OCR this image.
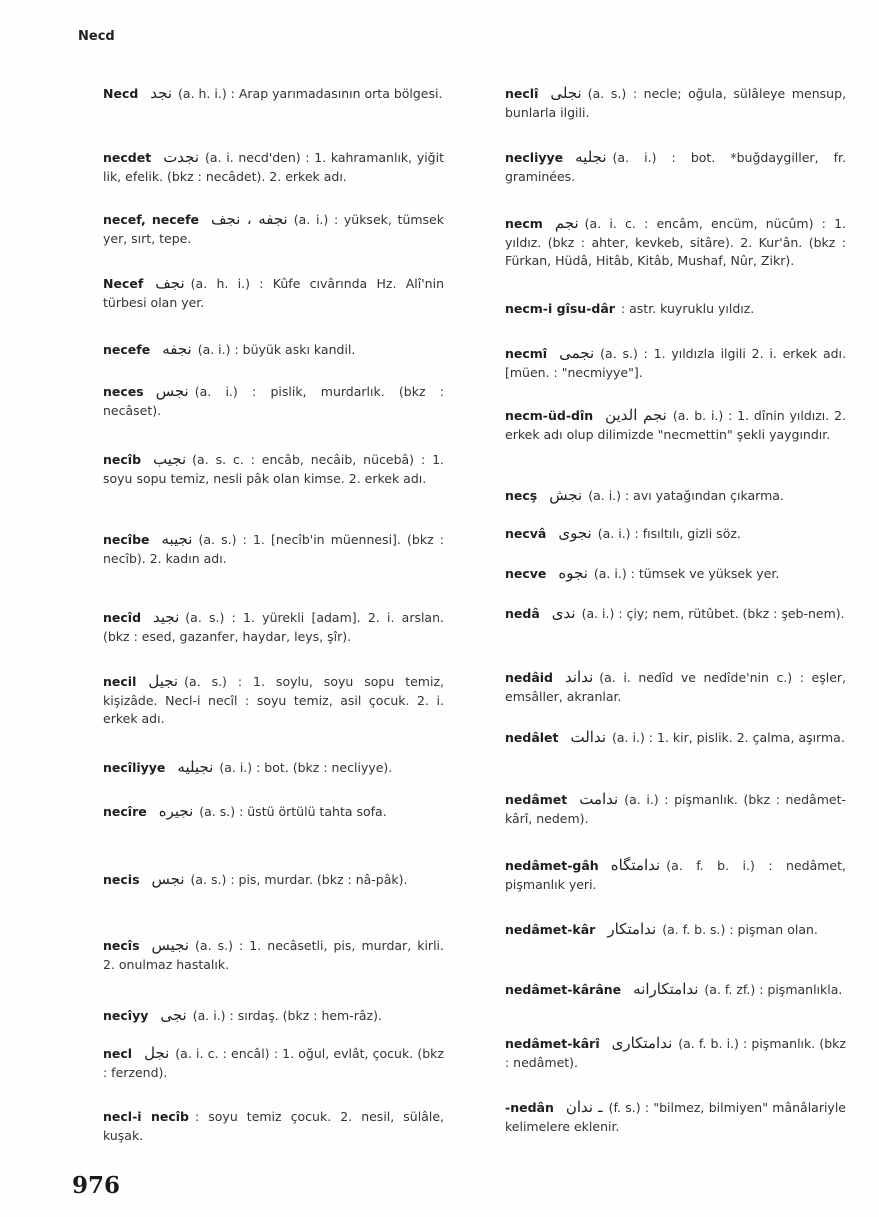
Necd
Necd نجد (a. h. i.) : Arap yarımadasının orta bölgesi.
necdet نجدت (a. i. necd'den) : 1. kahramanlık, yiğit lik, efelik. (bkz : necâdet). 2. erkek adı.
necef, necefe نجفه ، نجف (a. i.) : yüksek, tümsek yer, sırt, tepe.
Necef نجف (a. h. i.) : Kûfe cıvârında Hz. Alî'nin türbesi olan yer.
necefe نجفه (a. i.) : büyük askı kandil.
neces نجس (a. i.) : pislik, murdarlık. (bkz : necâset).
necîb نجيب (a. s. c. : encâb, necâib, nücebâ) : 1. soyu sopu temiz, nesli pâk olan kimse. 2. erkek adı.
necîbe نجيبه (a. s.) : 1. [necîb'in müennesi]. (bkz : necîb). 2. kadın adı.
necîd نجيد (a. s.) : 1. yürekli [adam]. 2. i. arslan. (bkz : esed, gazanfer, haydar, leys, şîr).
necil نجيل (a. s.) : 1. soylu, soyu sopu temiz, kişizâde. Necl-i necîl : soyu temiz, asil çocuk. 2. i. erkek adı.
necîliyye نجيليه (a. i.) : bot. (bkz : necliyye).
necîre نجيره (a. s.) : üstü örtülü tahta sofa.
necis نجس (a. s.) : pis, murdar. (bkz : nâ-pâk).
necîs نجيس (a. s.) : 1. necâsetli, pis, murdar, kirli. 2. onulmaz hastalık.
necîyy نجى (a. i.) : sırdaş. (bkz : hem-râz).
necl نجل (a. i. c. : encâl) : 1. oğul, evlât, çocuk. (bkz : ferzend).
necl-i necîb : soyu temiz çocuk. 2. nesil, sülâle, kuşak.
neclî نجلى (a. s.) : necle; oğula, sülâleye mensup, bunlarla ilgili.
necliyye نجليه (a. i.) : bot. *buğdaygiller, fr. graminées.
necm نجم (a. i. c. : encâm, encüm, nücûm) : 1. yıldız. (bkz : ahter, kevkeb, sitâre). 2. Kur'ân. (bkz : Fürkan, Hüdâ, Hitâb, Kitâb, Mushaf, Nûr, Zikr).
necm-i gîsu-dâr : astr. kuyruklu yıldız.
necmî نجمى (a. s.) : 1. yıldızla ilgili 2. i. erkek adı. [müen. : "necmiyye"].
necm-üd-dîn نجم الدين (a. b. i.) : 1. dînin yıldızı. 2. erkek adı olup dilimizde "necmettin" şekli yaygındır.
necş نجش (a. i.) : avı yatağından çıkarma.
necvâ نجوى (a. i.) : fısıltılı, gizli söz.
necve نجوه (a. i.) : tümsek ve yüksek yer.
nedâ ندى (a. i.) : çiy; nem, rütûbet. (bkz : şeb-nem).
nedâid نداند (a. i. nedîd ve nedîde'nin c.) : eşler, emsâller, akranlar.
nedâlet ندالت (a. i.) : 1. kir, pislik. 2. çalma, aşırma.
nedâmet ندامت (a. i.) : pişmanlık. (bkz : nedâmet-kârî, nedem).
nedâmet-gâh ندامتگاه (a. f. b. i.) : nedâmet, pişmanlık yeri.
nedâmet-kâr ندامتكار (a. f. b. s.) : pişman olan.
nedâmet-kârâne ندامتكارانه (a. f. zf.) : pişmanlıkla.
nedâmet-kârî ندامتكارى (a. f. b. i.) : pişmanlık. (bkz : nedâmet).
-nedân ـ ندان (f. s.) : "bilmez, bilmiyen" mânâlariyle kelimelere eklenir.
976
